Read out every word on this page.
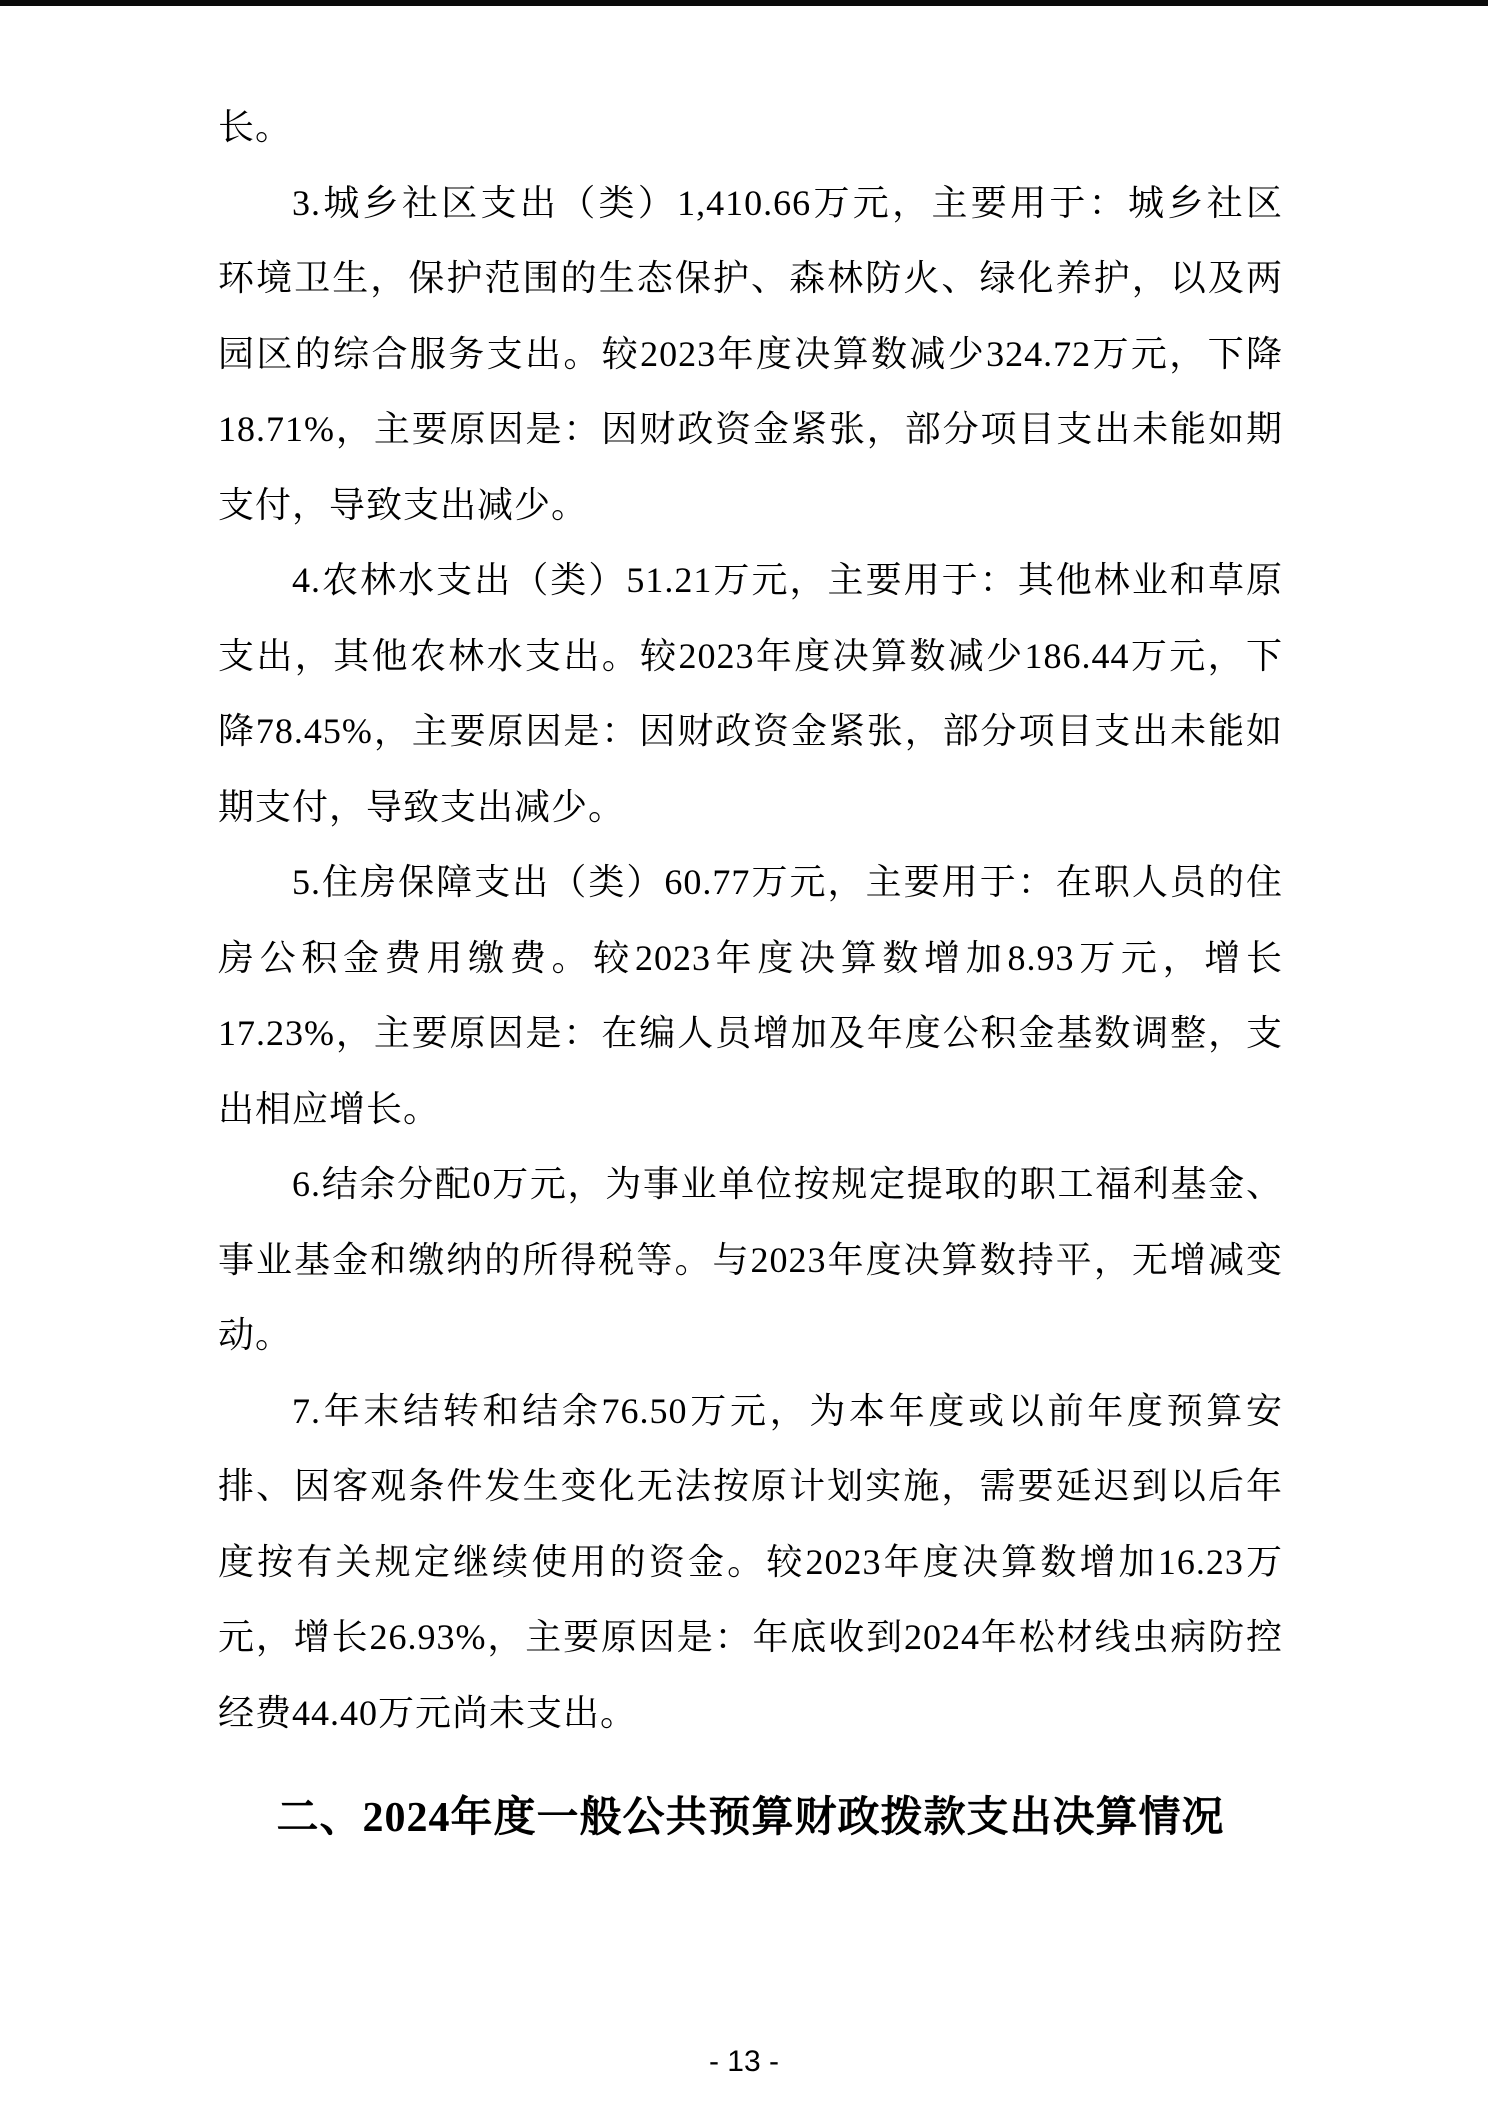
长。
3.城乡社区支出（类）1,410.66万元，主要用于：城乡社区
环境卫生，保护范围的生态保护、森林防火、绿化养护，以及两
园区的综合服务支出。较2023年度决算数减少324.72万元，下降
18.71%，主要原因是：因财政资金紧张，部分项目支出未能如期
支付，导致支出减少。
4.农林水支出（类）51.21万元，主要用于：其他林业和草原
支出，其他农林水支出。较2023年度决算数减少186.44万元，下
降78.45%，主要原因是：因财政资金紧张，部分项目支出未能如
期支付，导致支出减少。
5.住房保障支出（类）60.77万元，主要用于：在职人员的住
房公积金费用缴费。较2023年度决算数增加8.93万元，增长
17.23%，主要原因是：在编人员增加及年度公积金基数调整，支
出相应增长。
6.结余分配0万元，为事业单位按规定提取的职工福利基金、
事业基金和缴纳的所得税等。与2023年度决算数持平，无增减变
动。
7.年末结转和结余76.50万元，为本年度或以前年度预算安
排、因客观条件发生变化无法按原计划实施，需要延迟到以后年
度按有关规定继续使用的资金。较2023年度决算数增加16.23万
元，增长26.93%，主要原因是：年底收到2024年松材线虫病防控
经费44.40万元尚未支出。
二、2024年度一般公共预算财政拨款支出决算情况
- 13 -
